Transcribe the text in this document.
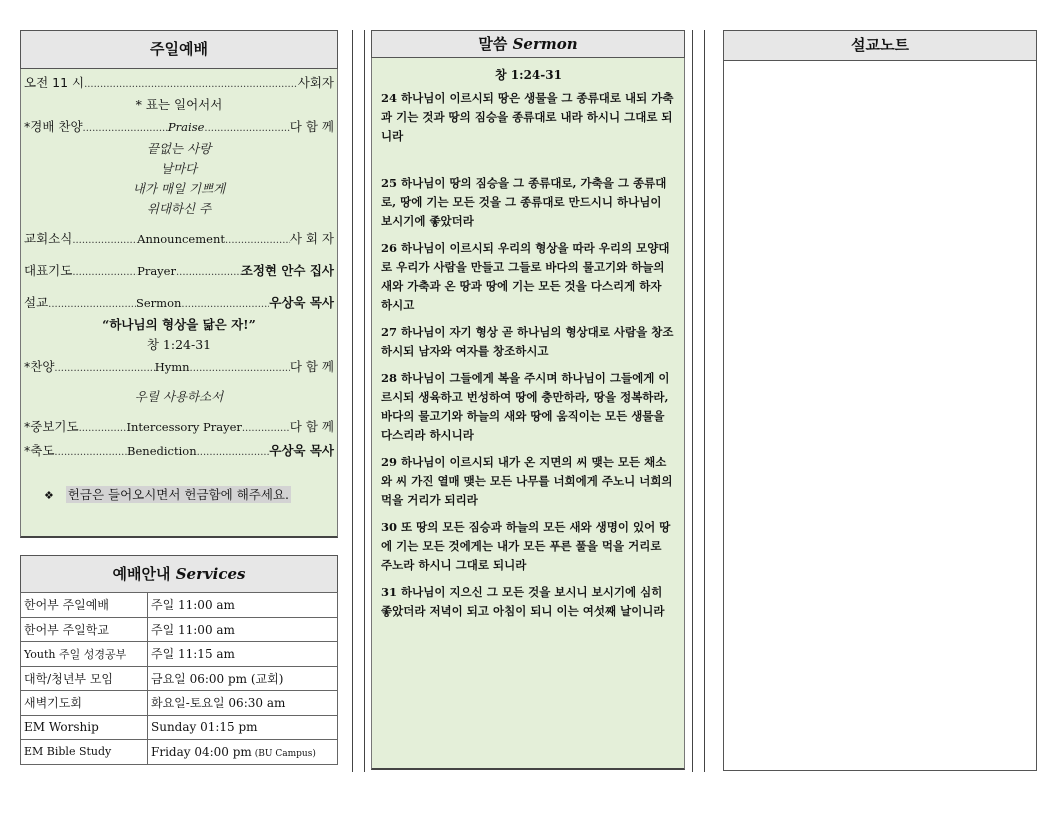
주일예배
오전 11 시 .....	사회자
* 표는 일어서서
*경배 찬양 .....	Praise .....	다 함 께
끝없는 사랑
날마다
내가 매일 기쁘게
위대하신 주
교회소식 .....	Announcement .....	사 회 자
대표기도 .....	Prayer .....	조정현 안수 집사
설교 .....	Sermon .....	우상욱 목사
“하나님의 형상을 닮은 자!”
창 1:24-31
*찬양 .....	Hymn .....	다 함 께
우릴 사용하소서
*중보기도 .....	Intercessory Prayer .....	다 함 께
*축도 .....	Benediction .....	우상욱 목사
❖ 헌금은 들어오시면서 헌금함에 해주세요.
예배안내 Services
한어부 주일예배	주일 11:00 am
한어부 주일학교	주일 11:00 am
Youth 주일 성경공부	주일 11:15 am
대학/청년부 모임	금요일 06:00 pm (교회)
새벽기도회	화요일-토요일 06:30 am
EM Worship	Sunday 01:15 pm
EM Bible Study	Friday 04:00 pm (BU Campus)
말씀 Sermon
창 1:24-31
24 하나님이 이르시되 땅은 생물을 그 종류대로 내되 가축과 기는 것과 땅의 짐승을 종류대로 내라 하시니 그대로 되니라
25 하나님이 땅의 짐승을 그 종류대로, 가축을 그 종류대로, 땅에 기는 모든 것을 그 종류대로 만드시니 하나님이 보시기에 좋았더라
26 하나님이 이르시되 우리의 형상을 따라 우리의 모양대로 우리가 사람을 만들고 그들로 바다의 물고기와 하늘의 새와 가축과 온 땅과 땅에 기는 모든 것을 다스리게 하자 하시고
27 하나님이 자기 형상 곧 하나님의 형상대로 사람을 창조하시되 남자와 여자를 창조하시고
28 하나님이 그들에게 복을 주시며 하나님이 그들에게 이르시되 생육하고 번성하여 땅에 충만하라, 땅을 정복하라, 바다의 물고기와 하늘의 새와 땅에 움직이는 모든 생물을 다스리라 하시니라
29 하나님이 이르시되 내가 온 지면의 씨 맺는 모든 채소와 씨 가진 열매 맺는 모든 나무를 너희에게 주노니 너희의 먹을 거리가 되리라
30 또 땅의 모든 짐승과 하늘의 모든 새와 생명이 있어 땅에 기는 모든 것에게는 내가 모든 푸른 풀을 먹을 거리로 주노라 하시니 그대로 되니라
31 하나님이 지으신 그 모든 것을 보시니 보시기에 심히 좋았더라 저녁이 되고 아침이 되니 이는 여섯째 날이니라
설교노트
